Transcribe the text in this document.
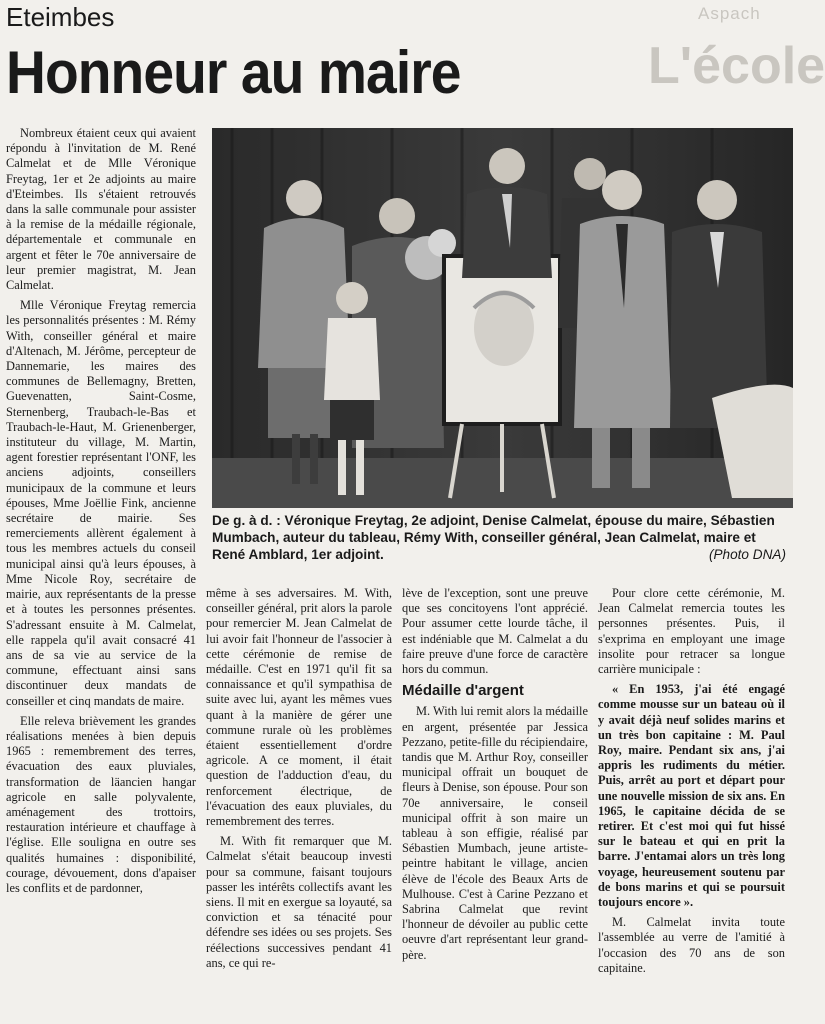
Aspach
L'école
Eteimbes
Honneur au maire

Nombreux étaient ceux qui avaient répondu à l'invitation de M. René Calmelat et de Mlle Véronique Freytag, 1er et 2e adjoints au maire d'Eteimbes. Ils s'étaient retrouvés dans la salle communale pour assister à la remise de la médaille régionale, départementale et communale en argent et fêter le 70e anniversaire de leur premier magistrat, M. Jean Calmelat.

Mlle Véronique Freytag remercia les personnalités présentes : M. Rémy With, conseiller général et maire d'Altenach, M. Jérôme, percepteur de Dannemarie, les maires des communes de Bellemagny, Bretten, Guevenatten, Saint-Cosme, Sternenberg, Traubach-le-Bas et Traubach-le-Haut, M. Grienenberger, instituteur du village, M. Martin, agent forestier représentant l'ONF, les anciens adjoints, conseillers municipaux de la commune et leurs épouses, Mme Joëllie Fink, ancienne secrétaire de mairie. Ses remerciements allèrent également à tous les membres actuels du conseil municipal ainsi qu'à leurs épouses, à Mme Nicole Roy, secrétaire de mairie, aux représentants de la presse et à toutes les personnes présentes. S'adressant ensuite à M. Calmelat, elle rappela qu'il avait consacré 41 ans de sa vie au service de la commune, effectuant ainsi sans discontinuer deux mandats de conseiller et cinq mandats de maire.

Elle releva brièvement les grandes réalisations menées à bien depuis 1965 : remembrement des terres, évacuation des eaux pluviales, transformation de läancien hangar agricole en salle polyvalente, aménagement des trottoirs, restauration intérieure et chauffage à l'église. Elle souligna en outre ses qualités humaines : disponibilité, courage, dévouement, dons d'apaiser les conflits et de pardonner,

De g. à d. : Véronique Freytag, 2e adjoint, Denise Calmelat, épouse du maire, Sébastien Mumbach, auteur du tableau, Rémy With, conseiller général, Jean Calmelat, maire et René Amblard, 1er adjoint.	(Photo DNA)

même à ses adversaires. M. With, conseiller général, prit alors la parole pour remercier M. Jean Calmelat de lui avoir fait l'honneur de l'associer à cette cérémonie de remise de médaille. C'est en 1971 qu'il fit sa connaissance et qu'il sympathisa de suite avec lui, ayant les mêmes vues quant à la manière de gérer une commune rurale où les problèmes étaient essentiellement d'ordre agricole. A ce moment, il était question de l'adduction d'eau, du renforcement électrique, de l'évacuation des eaux pluviales, du remembrement des terres.

M. With fit remarquer que M. Calmelat s'était beaucoup investi pour sa commune, faisant toujours passer les intérêts collectifs avant les siens. Il mit en exergue sa loyauté, sa conviction et sa ténacité pour défendre ses idées ou ses projets. Ses réélections successives pendant 41 ans, ce qui re-

lève de l'exception, sont une preuve que ses concitoyens l'ont apprécié. Pour assumer cette lourde tâche, il est indéniable que M. Calmelat a du faire preuve d'une force de caractère hors du commun.

Médaille d'argent

M. With lui remit alors la médaille en argent, présentée par Jessica Pezzano, petite-fille du récipiendaire, tandis que M. Arthur Roy, conseiller municipal offrait un bouquet de fleurs à Denise, son épouse. Pour son 70e anniversaire, le conseil municipal offrit à son maire un tableau à son effigie, réalisé par Sébastien Mumbach, jeune artiste-peintre habitant le village, ancien élève de l'école des Beaux Arts de Mulhouse. C'est à Carine Pezzano et Sabrina Calmelat que revint l'honneur de dévoiler au public cette oeuvre d'art représentant leur grand-père.

Pour clore cette cérémonie, M. Jean Calmelat remercia toutes les personnes présentes. Puis, il s'exprima en employant une image insolite pour retracer sa longue carrière municipale :

« En 1953, j'ai été engagé comme mousse sur un bateau où il y avait déjà neuf solides marins et un très bon capitaine : M. Paul Roy, maire. Pendant six ans, j'ai appris les rudiments du métier. Puis, arrêt au port et départ pour une nouvelle mission de six ans. En 1965, le capitaine décida de se retirer. Et c'est moi qui fut hissé sur le bateau et qui en prit la barre. J'entamai alors un très long voyage, heureusement soutenu par de bons marins et qui se poursuit toujours encore ».

M. Calmelat invita toute l'assemblée au verre de l'amitié à l'occasion des 70 ans de son capitaine.
